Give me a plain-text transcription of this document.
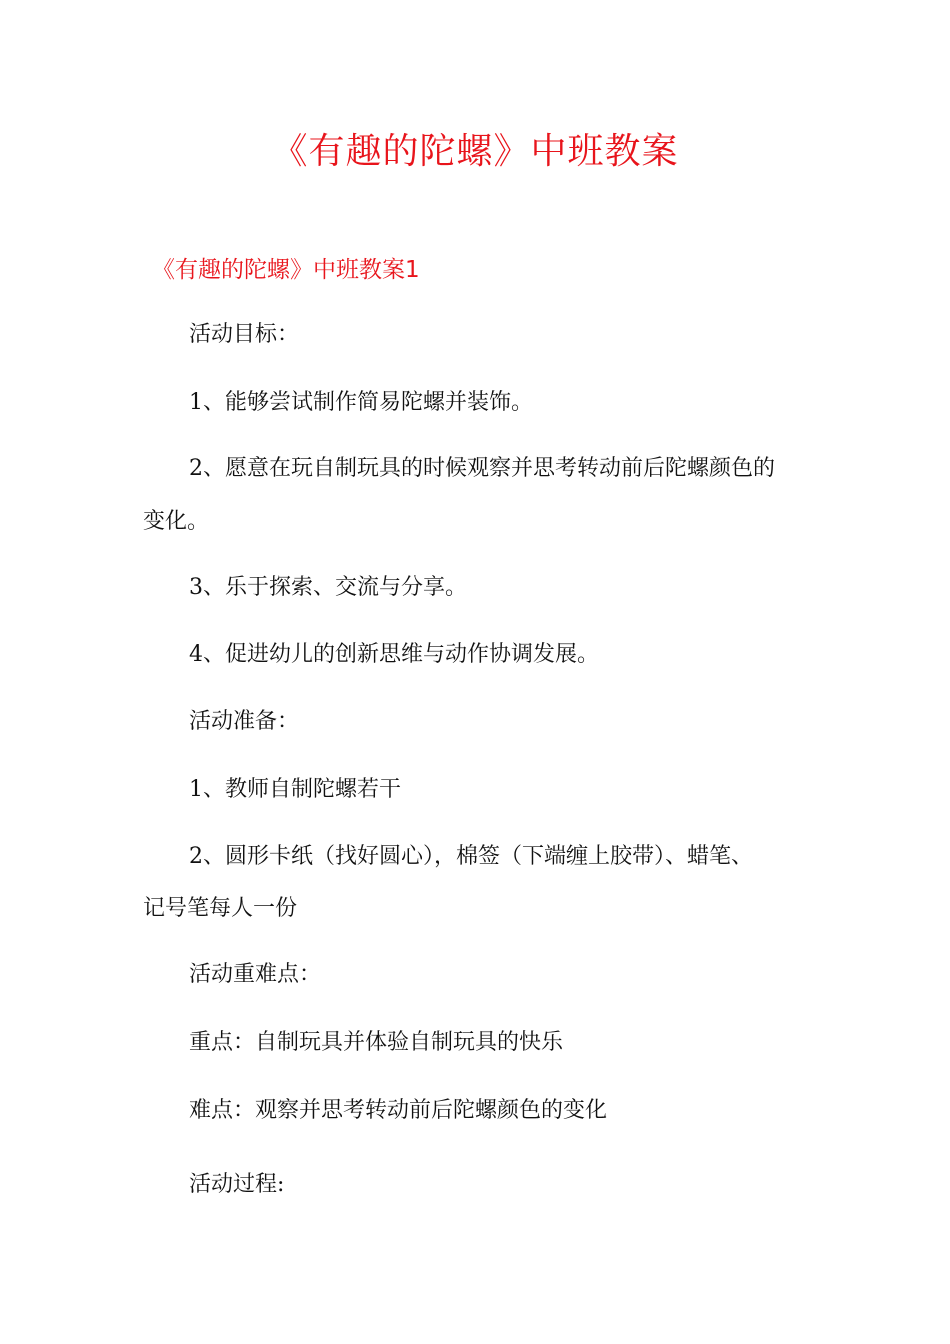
《有趣的陀螺》中班教案
《有趣的陀螺》中班教案1
活动目标：
1、能够尝试制作简易陀螺并装饰。
2、愿意在玩自制玩具的时候观察并思考转动前后陀螺颜色的
变化。
3、乐于探索、交流与分享。
4、促进幼儿的创新思维与动作协调发展。
活动准备：
1、教师自制陀螺若干
2、圆形卡纸（找好圆心），棉签（下端缠上胶带）、蜡笔、
记号笔每人一份
活动重难点：
重点：自制玩具并体验自制玩具的快乐
难点：观察并思考转动前后陀螺颜色的变化
活动过程:
